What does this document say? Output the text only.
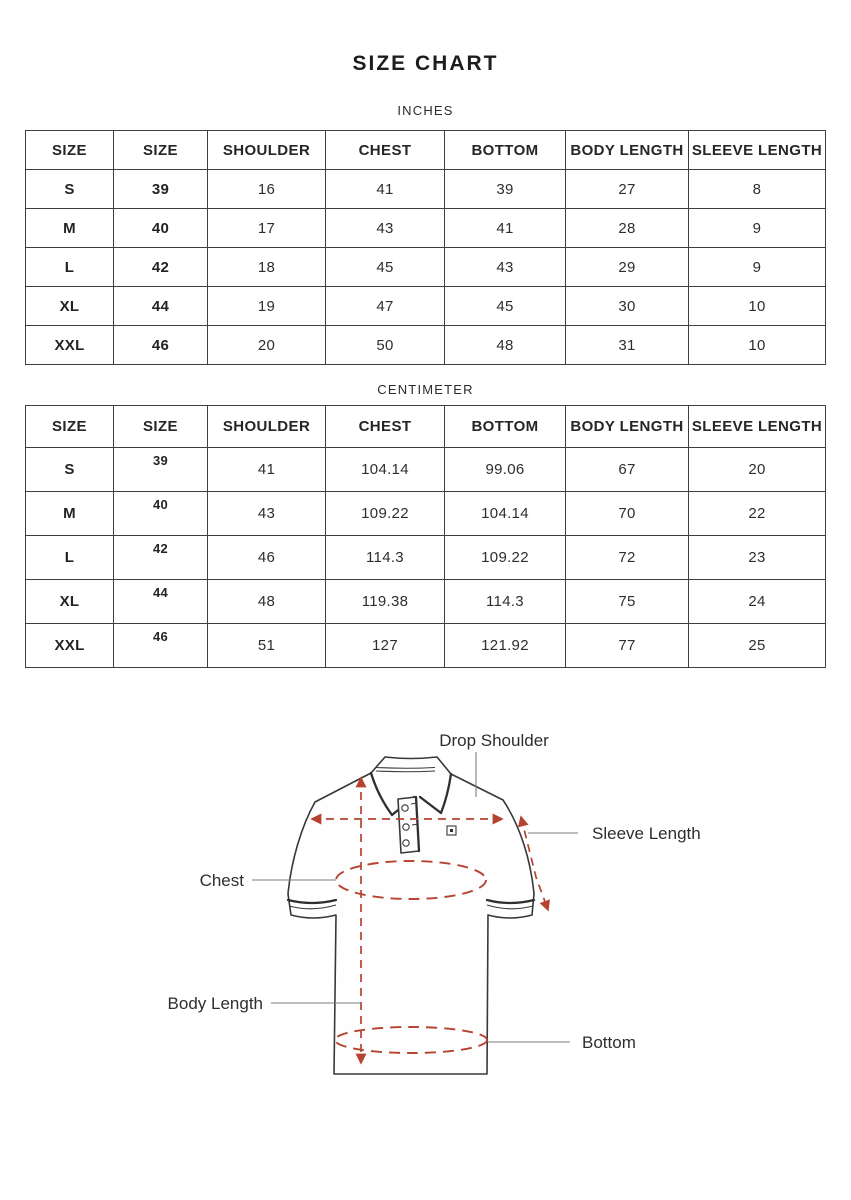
SIZE CHART
INCHES
SIZE	SIZE	SHOULDER	CHEST	BOTTOM	BODY LENGTH	SLEEVE LENGTH
S	39	16	41	39	27	8
M	40	17	43	41	28	9
L	42	18	45	43	29	9
XL	44	19	47	45	30	10
XXL	46	20	50	48	31	10
CENTIMETER
SIZE	SIZE	SHOULDER	CHEST	BOTTOM	BODY LENGTH	SLEEVE LENGTH
S	39	41	104.14	99.06	67	20
M	40	43	109.22	104.14	70	22
L	42	46	114.3	109.22	72	23
XL	44	48	119.38	114.3	75	24
XXL	46	51	127	121.92	77	25
Drop Shoulder
Sleeve Length
Chest
Body Length
Bottom
